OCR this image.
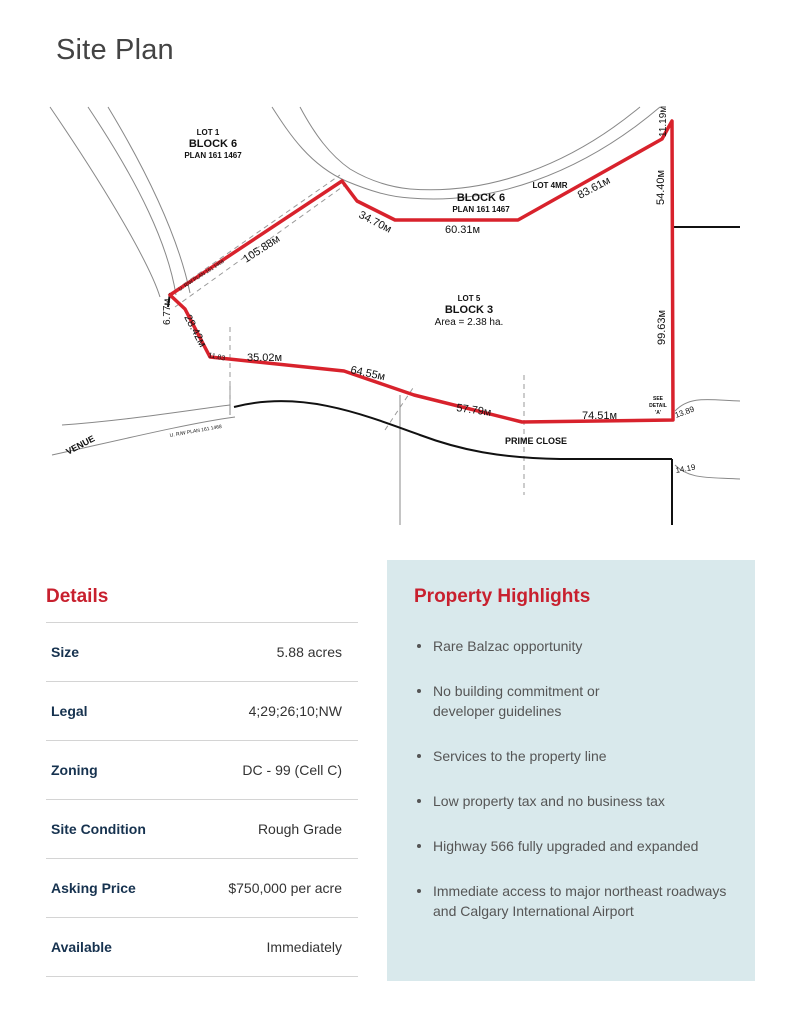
Site Plan
LOT 1
BLOCK 6
PLAN 161 1467
BLOCK 6
PLAN 161 1467
LOT 4MR
LOT 5
BLOCK 3
Area = 2.38 ha.
PRIME CLOSE
VENUE
U. R/W PLAN 161 1468
U. R/W PLAN 161 1468
SEE
DETAIL
'A'
105.88м
34.70м	60.31м
83.61м
11.19м
54.40м
99.63м
6.77м
28.42м
11.83 35.02м
64.55м
57.79м	74.51м	13.89
14.19
Details
Size	5.88 acres
Legal	4;29;26;10;NW
Zoning	DC - 99 (Cell C)
Site Condition	Rough Grade
Asking Price	$750,000 per acre
Available	Immediately
Property Highlights
Rare Balzac opportunity
No building commitment or
developer guidelines
Services to the property line
Low property tax and no business tax
Highway 566 fully upgraded and expanded
Immediate access to major northeast roadways
and Calgary International Airport
